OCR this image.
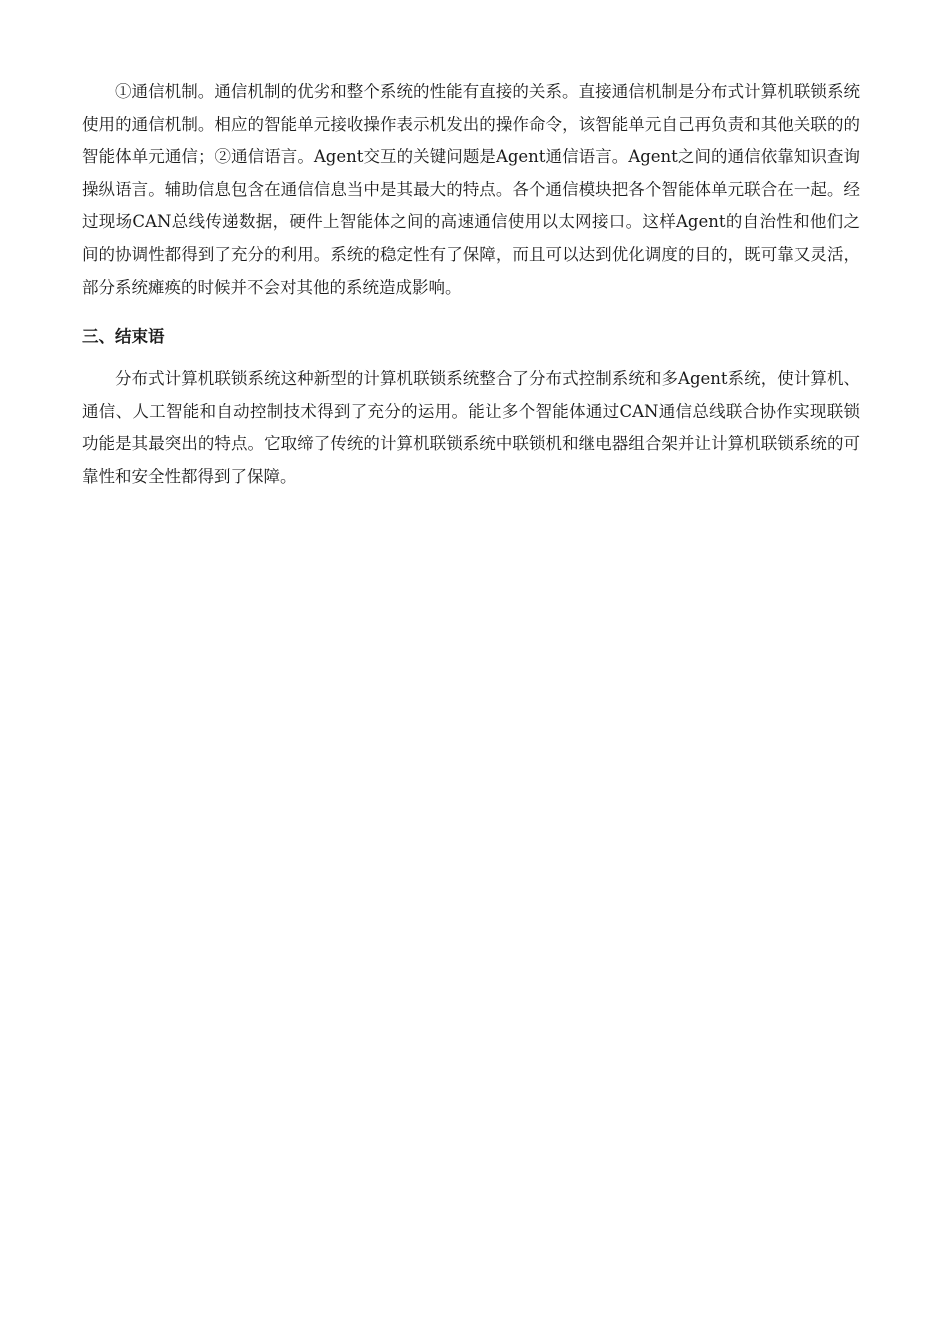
①通信机制。通信机制的优劣和整个系统的性能有直接的关系。直接通信机制是分布式计算机联锁系统使用的通信机制。相应的智能单元接收操作表示机发出的操作命令，该智能单元自己再负责和其他关联的的智能体单元通信；②通信语言。Agent交互的关键问题是Agent通信语言。Agent之间的通信依靠知识查询操纵语言。辅助信息包含在通信信息当中是其最大的特点。各个通信模块把各个智能体单元联合在一起。经过现场CAN总线传递数据，硬件上智能体之间的高速通信使用以太网接口。这样Agent的自治性和他们之间的协调性都得到了充分的利用。系统的稳定性有了保障，而且可以达到优化调度的目的，既可靠又灵活，部分系统瘫痪的时候并不会对其他的系统造成影响。

三、结束语

分布式计算机联锁系统这种新型的计算机联锁系统整合了分布式控制系统和多Agent系统，使计算机、通信、人工智能和自动控制技术得到了充分的运用。能让多个智能体通过CAN通信总线联合协作实现联锁功能是其最突出的特点。它取缔了传统的计算机联锁系统中联锁机和继电器组合架并让计算机联锁系统的可靠性和安全性都得到了保障。
